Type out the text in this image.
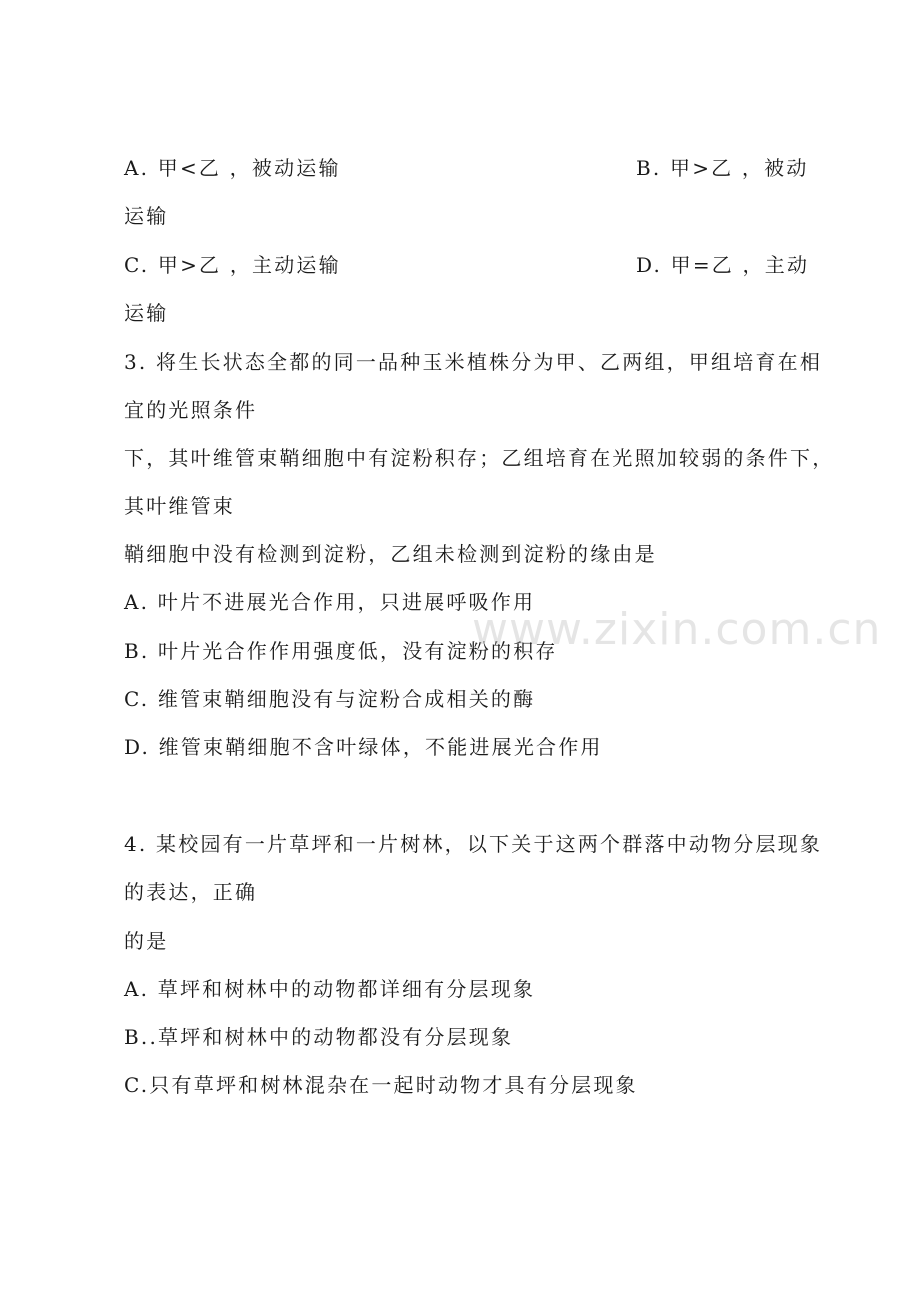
A. 甲<乙 ，被动运输	B. 甲>乙 ，被动
运输
C. 甲>乙 ，主动运输	D. 甲=乙 ，主动
运输
3. 将生长状态全都的同一品种玉米植株分为甲、乙两组，甲组培育在相
宜的光照条件
下，其叶维管束鞘细胞中有淀粉积存；乙组培育在光照加较弱的条件下，
其叶维管束
鞘细胞中没有检测到淀粉，乙组未检测到淀粉的缘由是
A. 叶片不进展光合作用，只进展呼吸作用
B. 叶片光合作作用强度低，没有淀粉的积存
C. 维管束鞘细胞没有与淀粉合成相关的酶
D. 维管束鞘细胞不含叶绿体，不能进展光合作用
4. 某校园有一片草坪和一片树林，以下关于这两个群落中动物分层现象
的表达，正确
的是
A. 草坪和树林中的动物都详细有分层现象
B..草坪和树林中的动物都没有分层现象
C.只有草坪和树林混杂在一起时动物才具有分层现象
www.zixin.com.cn
